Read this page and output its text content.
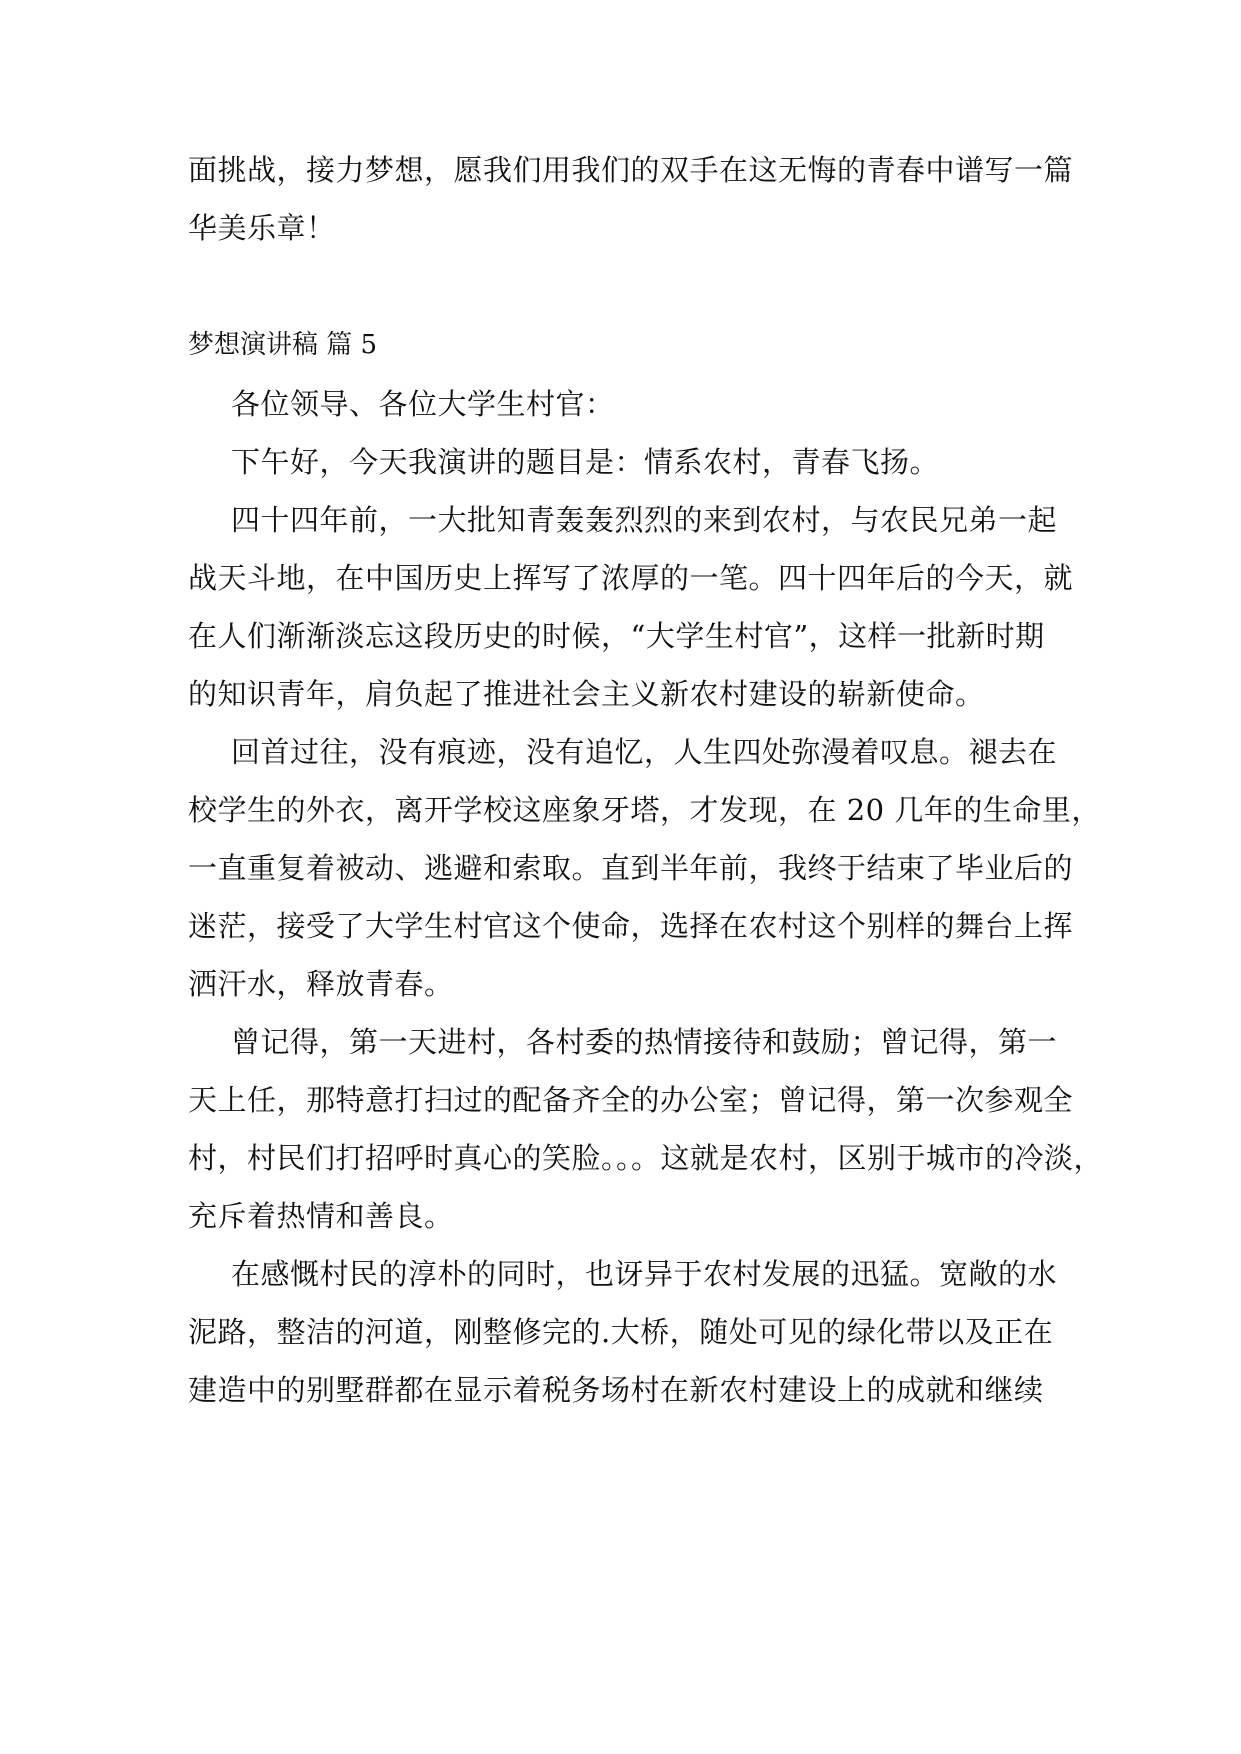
面挑战，接力梦想，愿我们用我们的双手在这无悔的青春中谱写一篇
华美乐章！
梦想演讲稿 篇 5
各位领导、各位大学生村官：
下午好，今天我演讲的题目是：情系农村，青春飞扬。
四十四年前，一大批知青轰轰烈烈的来到农村，与农民兄弟一起
战天斗地，在中国历史上挥写了浓厚的一笔。四十四年后的今天，就
在人们渐渐淡忘这段历史的时候，“大学生村官”，这样一批新时期
的知识青年，肩负起了推进社会主义新农村建设的崭新使命。
回首过往，没有痕迹，没有追忆，人生四处弥漫着叹息。褪去在
校学生的外衣，离开学校这座象牙塔，才发现，在 20 几年的生命里，
一直重复着被动、逃避和索取。直到半年前，我终于结束了毕业后的
迷茫，接受了大学生村官这个使命，选择在农村这个别样的舞台上挥
洒汗水，释放青春。
曾记得，第一天进村，各村委的热情接待和鼓励；曾记得，第一
天上任，那特意打扫过的配备齐全的办公室；曾记得，第一次参观全
村，村民们打招呼时真心的笑脸。。。这就是农村，区别于城市的冷淡，
充斥着热情和善良。
在感慨村民的淳朴的同时，也讶异于农村发展的迅猛。宽敞的水
泥路，整洁的河道，刚整修完的.大桥，随处可见的绿化带以及正在
建造中的别墅群都在显示着税务场村在新农村建设上的成就和继续
